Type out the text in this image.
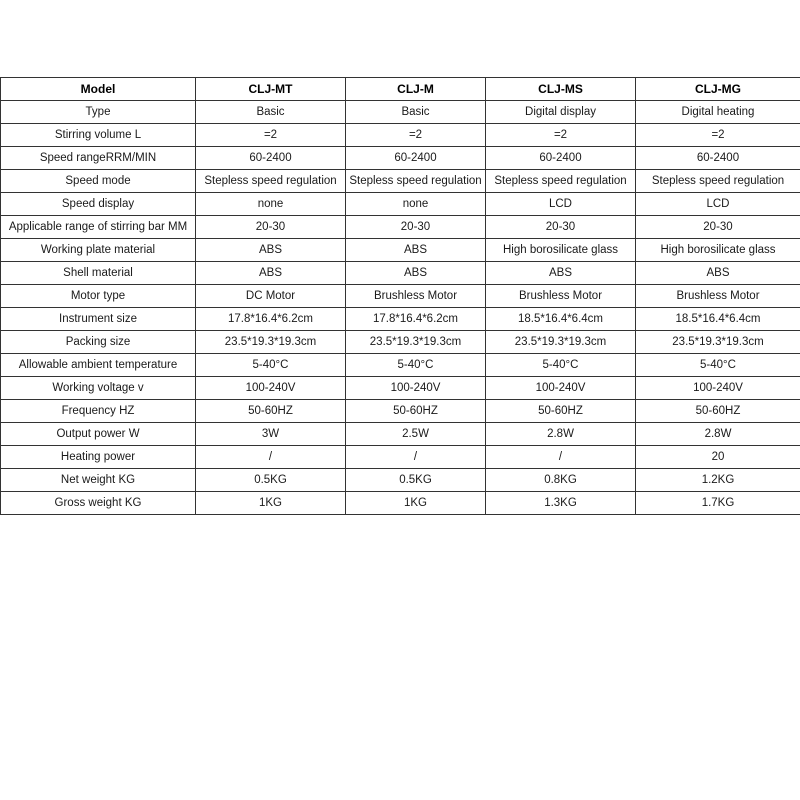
Model	CLJ-MT	CLJ-M	CLJ-MS	CLJ-MG
Type	Basic	Basic	Digital display	Digital heating
Stirring volume L	=2	=2	=2	=2
Speed rangeRRM/MIN	60-2400	60-2400	60-2400	60-2400
Speed mode	Stepless speed regulation	Stepless speed regulation	Stepless speed regulation	Stepless speed regulation
Speed display	none	none	LCD	LCD
Applicable range of stirring bar MM	20-30	20-30	20-30	20-30
Working plate material	ABS	ABS	High borosilicate glass	High borosilicate glass
Shell material	ABS	ABS	ABS	ABS
Motor type	DC Motor	Brushless Motor	Brushless Motor	Brushless Motor
Instrument size	17.8*16.4*6.2cm	17.8*16.4*6.2cm	18.5*16.4*6.4cm	18.5*16.4*6.4cm
Packing size	23.5*19.3*19.3cm	23.5*19.3*19.3cm	23.5*19.3*19.3cm	23.5*19.3*19.3cm
Allowable ambient temperature	5-40°C	5-40°C	5-40°C	5-40°C
Working voltage v	100-240V	100-240V	100-240V	100-240V
Frequency HZ	50-60HZ	50-60HZ	50-60HZ	50-60HZ
Output power W	3W	2.5W	2.8W	2.8W
Heating power	/	/	/	20
Net weight KG	0.5KG	0.5KG	0.8KG	1.2KG
Gross weight KG	1KG	1KG	1.3KG	1.7KG
